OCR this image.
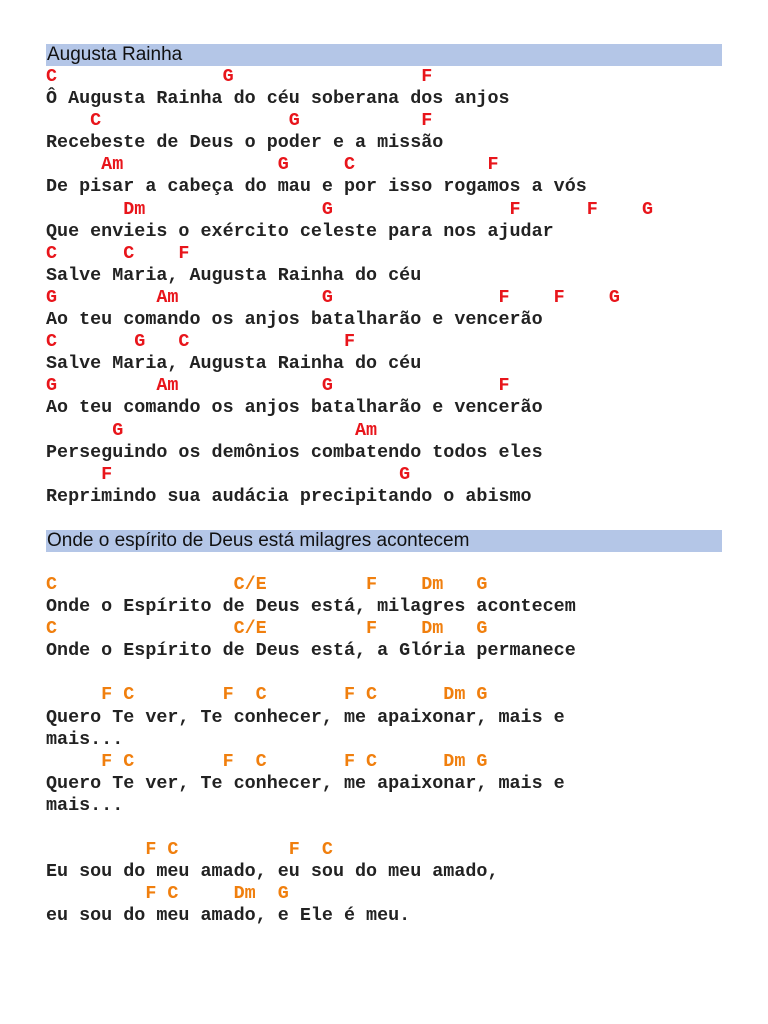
Augusta Rainha
C               G                 F
Ô Augusta Rainha do céu soberana dos anjos
C                 G           F
Recebeste de Deus o poder e a missão
Am              G     C            F
De pisar a cabeça do mau e por isso rogamos a vós
Dm                G                F      F    G
Que envieis o exército celeste para nos ajudar
C      C    F
Salve Maria, Augusta Rainha do céu
G         Am             G               F    F    G
Ao teu comando os anjos batalharão e vencerão
C       G   C              F
Salve Maria, Augusta Rainha do céu
G         Am             G               F
Ao teu comando os anjos batalharão e vencerão
G                     Am
Perseguindo os demônios combatendo todos eles
F                          G
Reprimindo sua audácia precipitando o abismo
Onde o espírito de Deus está milagres acontecem
C                C/E         F    Dm   G
Onde o Espírito de Deus está, milagres acontecem
C                C/E         F    Dm   G
Onde o Espírito de Deus está, a Glória permanece
F C        F  C       F C      Dm G
Quero Te ver, Te conhecer, me apaixonar, mais e
mais...
F C        F  C       F C      Dm G
Quero Te ver, Te conhecer, me apaixonar, mais e
mais...
F C          F  C
Eu sou do meu amado, eu sou do meu amado,
F C     Dm  G
eu sou do meu amado, e Ele é meu.
